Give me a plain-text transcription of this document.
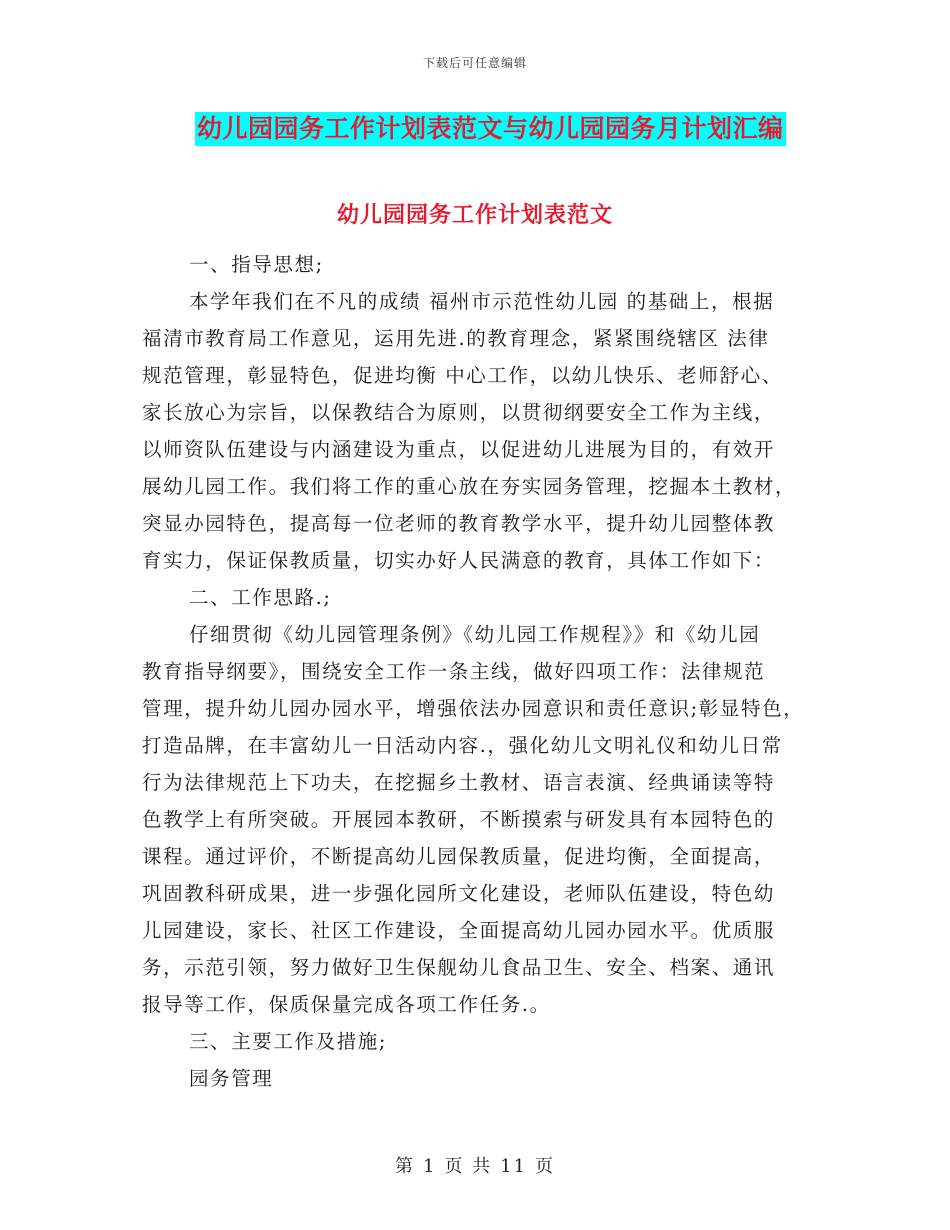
下载后可任意编辑
幼儿园园务工作计划表范文与幼儿园园务月计划汇编
幼儿园园务工作计划表范文
一、指导思想;
本学年我们在不凡的成绩 福州市示范性幼儿园 的基础上，根据
福清市教育局工作意见，运用先进.的教育理念，紧紧围绕辖区 法律
规范管理，彰显特色，促进均衡 中心工作，以幼儿快乐、老师舒心、
家长放心为宗旨，以保教结合为原则，以贯彻纲要安全工作为主线，
以师资队伍建设与内涵建设为重点，以促进幼儿进展为目的，有效开
展幼儿园工作。我们将工作的重心放在夯实园务管理，挖掘本土教材，
突显办园特色，提高每一位老师的教育教学水平，提升幼儿园整体教
育实力，保证保教质量，切实办好人民满意的教育，具体工作如下：
二、工作思路.;
仔细贯彻《幼儿园管理条例》《幼儿园工作规程》》和《幼儿园
教育指导纲要》，围绕安全工作一条主线，做好四项工作：法律规范
管理，提升幼儿园办园水平，增强依法办园意识和责任意识;彰显特色，
打造品牌，在丰富幼儿一日活动内容.，强化幼儿文明礼仪和幼儿日常
行为法律规范上下功夫，在挖掘乡土教材、语言表演、经典诵读等特
色教学上有所突破。开展园本教研，不断摸索与研发具有本园特色的
课程。通过评价，不断提高幼儿园保教质量，促进均衡，全面提高，
巩固教科研成果，进一步强化园所文化建设，老师队伍建设，特色幼
儿园建设，家长、社区工作建设，全面提高幼儿园办园水平。优质服
务，示范引领，努力做好卫生保舰幼儿食品卫生、安全、档案、通讯
报导等工作，保质保量完成各项工作任务.。
三、主要工作及措施;
园务管理
第 1 页 共 11 页
